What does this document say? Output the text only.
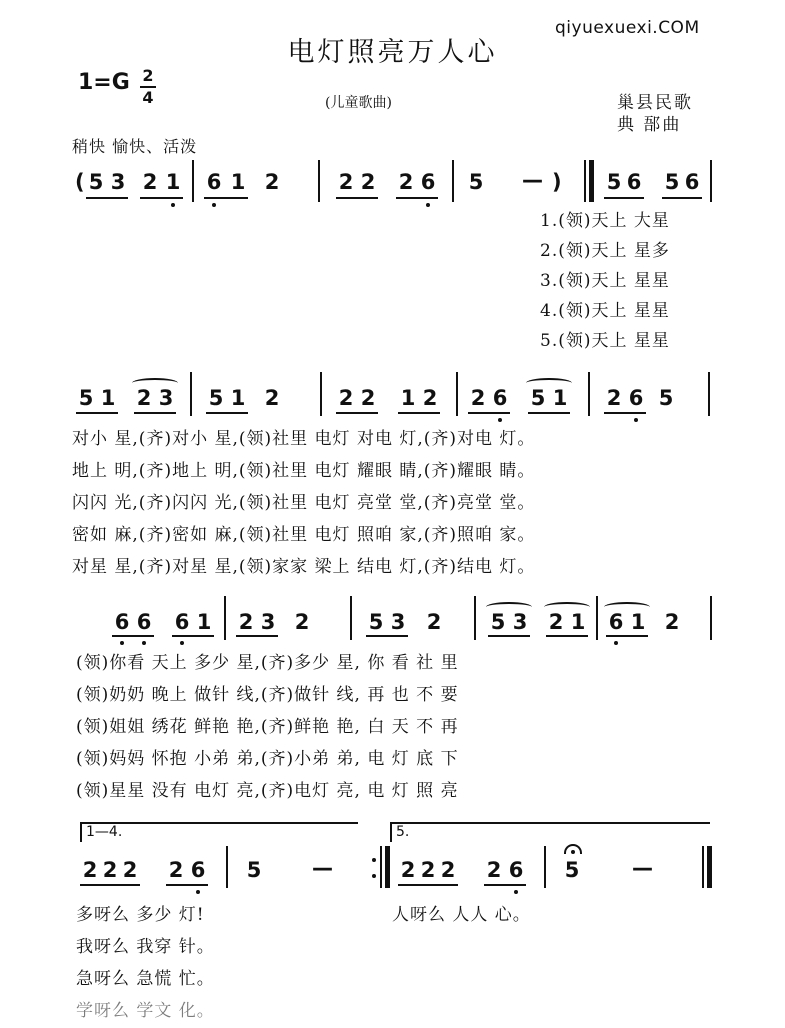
qiyuexuexi.COM
电灯照亮万人心
1=G 2
4	(儿童歌曲)	巢县民歌
典 郚曲
稍快 愉快、活泼
( 5 3 2 1 6 1 2	2 2 2 6 5 — ) 5 6 5 6
1.(领)天上 大星
2.(领)天上 星多
3.(领)天上 星星
4.(领)天上 星星
5.(领)天上 星星
5 1 2 3 5 1 2	2 2 1 2 2 6 5 1 2 6 5
对小 星,(齐)对小 星,(领)社里 电灯 对电 灯,(齐)对电 灯。
地上 明,(齐)地上 明,(领)社里 电灯 耀眼 睛,(齐)耀眼 睛。
闪闪 光,(齐)闪闪 光,(领)社里 电灯 亮堂 堂,(齐)亮堂 堂。
密如 麻,(齐)密如 麻,(领)社里 电灯 照咱 家,(齐)照咱 家。
对星 星,(齐)对星 星,(领)家家 梁上 结电 灯,(齐)结电 灯。
6 6 6 1 2 3 2	5 3 2 5 3 2 1 6 1 2
(领)你看 天上 多少 星,(齐)多少 星, 你 看 社 里
(领)奶奶 晚上 做针 线,(齐)做针 线, 再 也 不 要
(领)姐姐 绣花 鲜艳 艳,(齐)鲜艳 艳, 白 天 不 再
(领)妈妈 怀抱 小弟 弟,(齐)小弟 弟, 电 灯 底 下
(领)星星 没有 电灯 亮,(齐)电灯 亮, 电 灯 照 亮
1—4.	5.
2 2 2 2 6 5 —	2 2 2 2 6 5	—
多呀么 多少 灯!
我呀么 我穿 针。
急呀么 急慌 忙。
学呀么 学文 化。
人呀么 人人 心。
